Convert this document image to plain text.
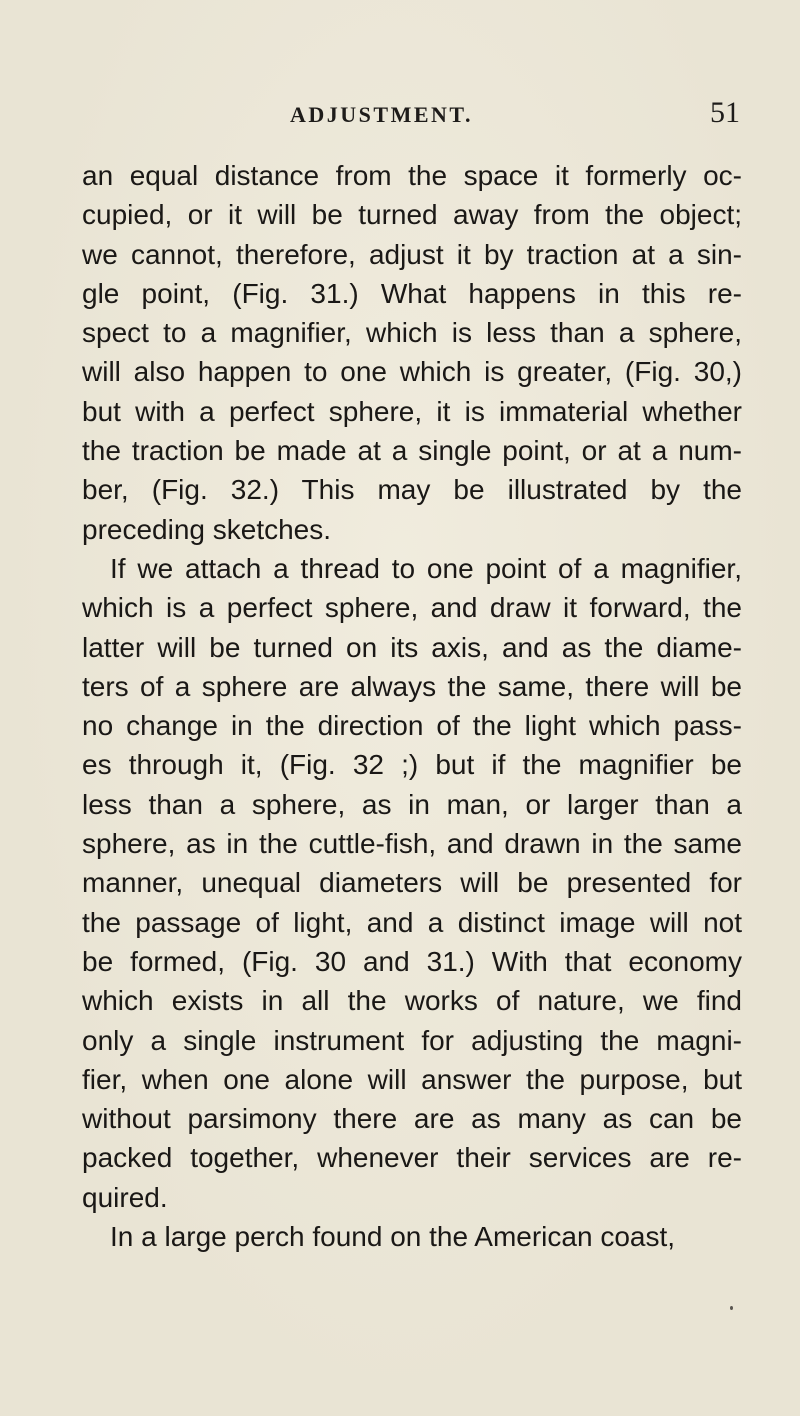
ADJUSTMENT.	51
an equal distance from the space it formerly oc-
cupied, or it will be turned away from the object;
we cannot, therefore, adjust it by traction at a sin-
gle point, (Fig. 31.) What happens in this re-
spect to a magnifier, which is less than a sphere,
will also happen to one which is greater, (Fig. 30,)
but with a perfect sphere, it is immaterial whether
the traction be made at a single point, or at a num-
ber, (Fig. 32.) This may be illustrated by the
preceding sketches.
If we attach a thread to one point of a magnifier,
which is a perfect sphere, and draw it forward, the
latter will be turned on its axis, and as the diame-
ters of a sphere are always the same, there will be
no change in the direction of the light which pass-
es through it, (Fig. 32 ;) but if the magnifier be
less than a sphere, as in man, or larger than a
sphere, as in the cuttle-fish, and drawn in the same
manner, unequal diameters will be presented for
the passage of light, and a distinct image will not
be formed, (Fig. 30 and 31.) With that economy
which exists in all the works of nature, we find
only a single instrument for adjusting the magni-
fier, when one alone will answer the purpose, but
without parsimony there are as many as can be
packed together, whenever their services are re-
quired.
In a large perch found on the American coast,
